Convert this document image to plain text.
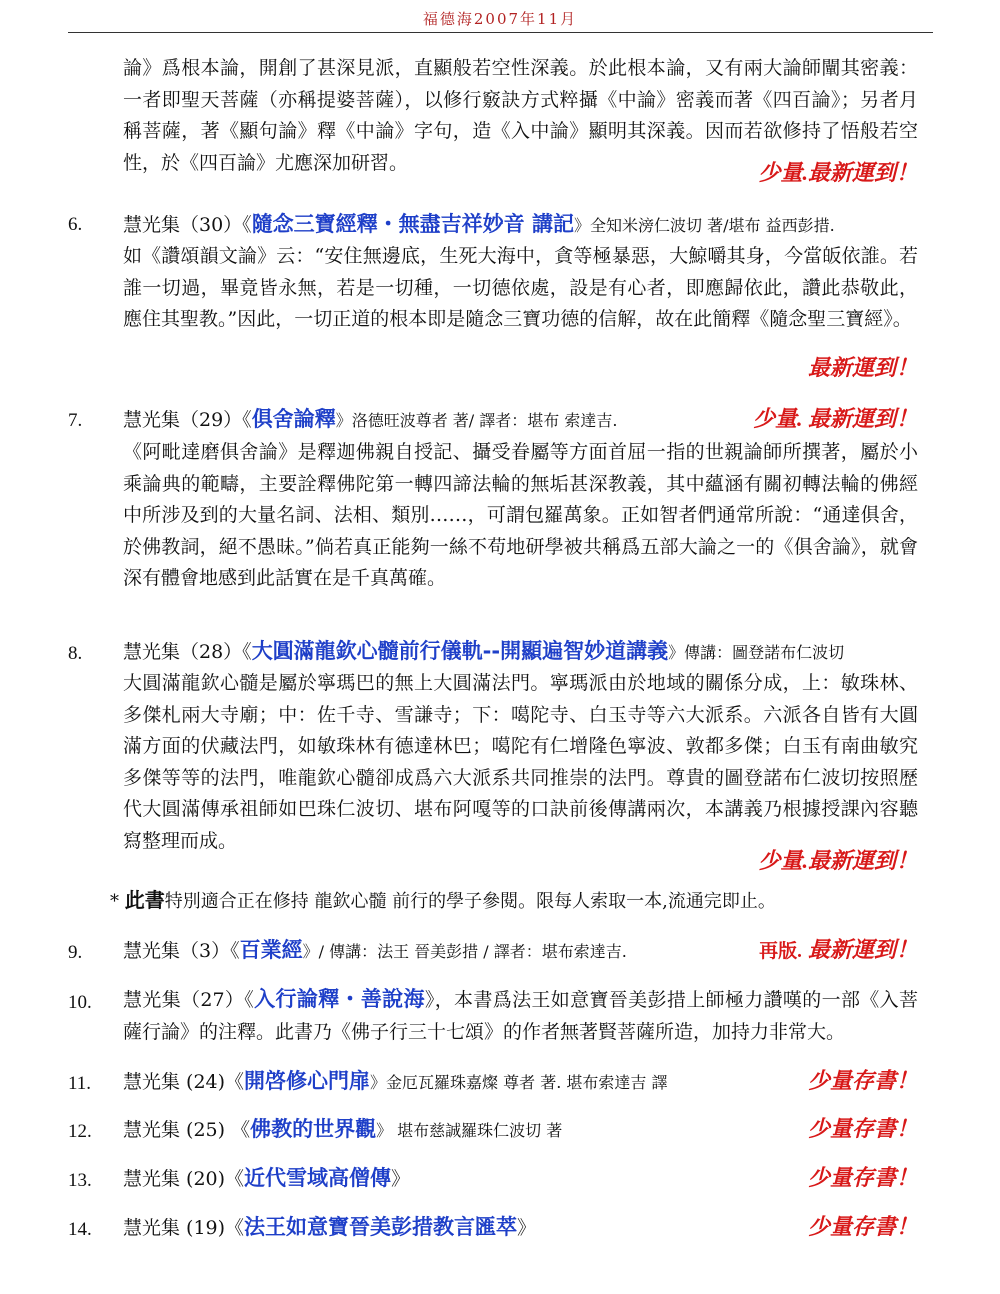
福德海2007年11月
論》爲根本論，開創了甚深見派，直顯般若空性深義。於此根本論，又有兩大論師闡其密義：一者即聖天菩薩（亦稱提婆菩薩），以修行竅訣方式粹攝《中論》密義而著《四百論》；另者月稱菩薩，著《顯句論》釋《中論》字句，造《入中論》顯明其深義。因而若欲修持了悟般若空性，於《四百論》尤應深加研習。	少量.最新運到！
6. 慧光集（30）《隨念三寶經釋・無盡吉祥妙音 講記》全知米滂仁波切 著/堪布 益西彭措.
如《讚頌韻文論》云：“安住無邊底，生死大海中，貪等極暴惡，大鯨嚼其身，今當皈依誰。若誰一切過，畢竟皆永無，若是一切種，一切德依處，設是有心者，即應歸依此，讚此恭敬此，應住其聖教。”因此，一切正道的根本即是隨念三寶功德的信解，故在此簡釋《隨念聖三寶經》。
最新運到！
7. 慧光集（29）《俱舍論釋》洛德旺波尊者 著/ 譯者：堪布 索達吉.	少量. 最新運到！
《阿毗達磨俱舍論》是釋迦佛親自授記、攝受眷屬等方面首屈一指的世親論師所撰著，屬於小乘論典的範疇，主要詮釋佛陀第一轉四諦法輪的無垢甚深教義，其中蘊涵有關初轉法輪的佛經中所涉及到的大量名詞、法相、類別……，可謂包羅萬象。正如智者們通常所說：“通達俱舍，於佛教詞，絕不愚昧。”倘若真正能夠一絲不苟地研學被共稱爲五部大論之一的《俱舍論》，就會深有體會地感到此話實在是千真萬確。
8. 慧光集（28）《大圓滿龍欽心髓前行儀軌--開顯遍智妙道講義》傳講：圖登諾布仁波切
大圓滿龍欽心髓是屬於寧瑪巴的無上大圓滿法門。寧瑪派由於地域的關係分成，上：敏珠林、多傑札兩大寺廟；中：佐千寺、雪謙寺；下：噶陀寺、白玉寺等六大派系。六派各自皆有大圓滿方面的伏藏法門，如敏珠林有德達林巴；噶陀有仁增隆色寧波、敦都多傑；白玉有南曲敏究多傑等等的法門，唯龍欽心髓卻成爲六大派系共同推崇的法門。尊貴的圖登諾布仁波切按照歷代大圓滿傳承祖師如巴珠仁波切、堪布阿嘎等的口訣前後傳講兩次，本講義乃根據授課內容聽寫整理而成。
少量.最新運到！
* 此書特別適合正在修持 龍欽心髓 前行的學子參閱。限每人索取一本,流通完即止。
9. 慧光集（3）《百業經》/ 傳講：法王 晉美彭措 / 譯者：堪布索達吉.	再版. 最新運到！
10. 慧光集（27）《入行論釋・善說海》，本書爲法王如意寶晉美彭措上師極力讚嘆的一部《入菩薩行論》的注釋。此書乃《佛子行三十七頌》的作者無著賢菩薩所造，加持力非常大。
11. 慧光集 (24)《開啓修心門扉》金厄瓦羅珠嘉燦 尊者 著. 堪布索達吉 譯	少量存書！
12. 慧光集 (25) 《佛教的世界觀》 堪布慈誠羅珠仁波切 著	少量存書！
13. 慧光集 (20)《近代雪域高僧傳》	少量存書！
14. 慧光集 (19)《法王如意寶晉美彭措教言匯萃》	少量存書！
